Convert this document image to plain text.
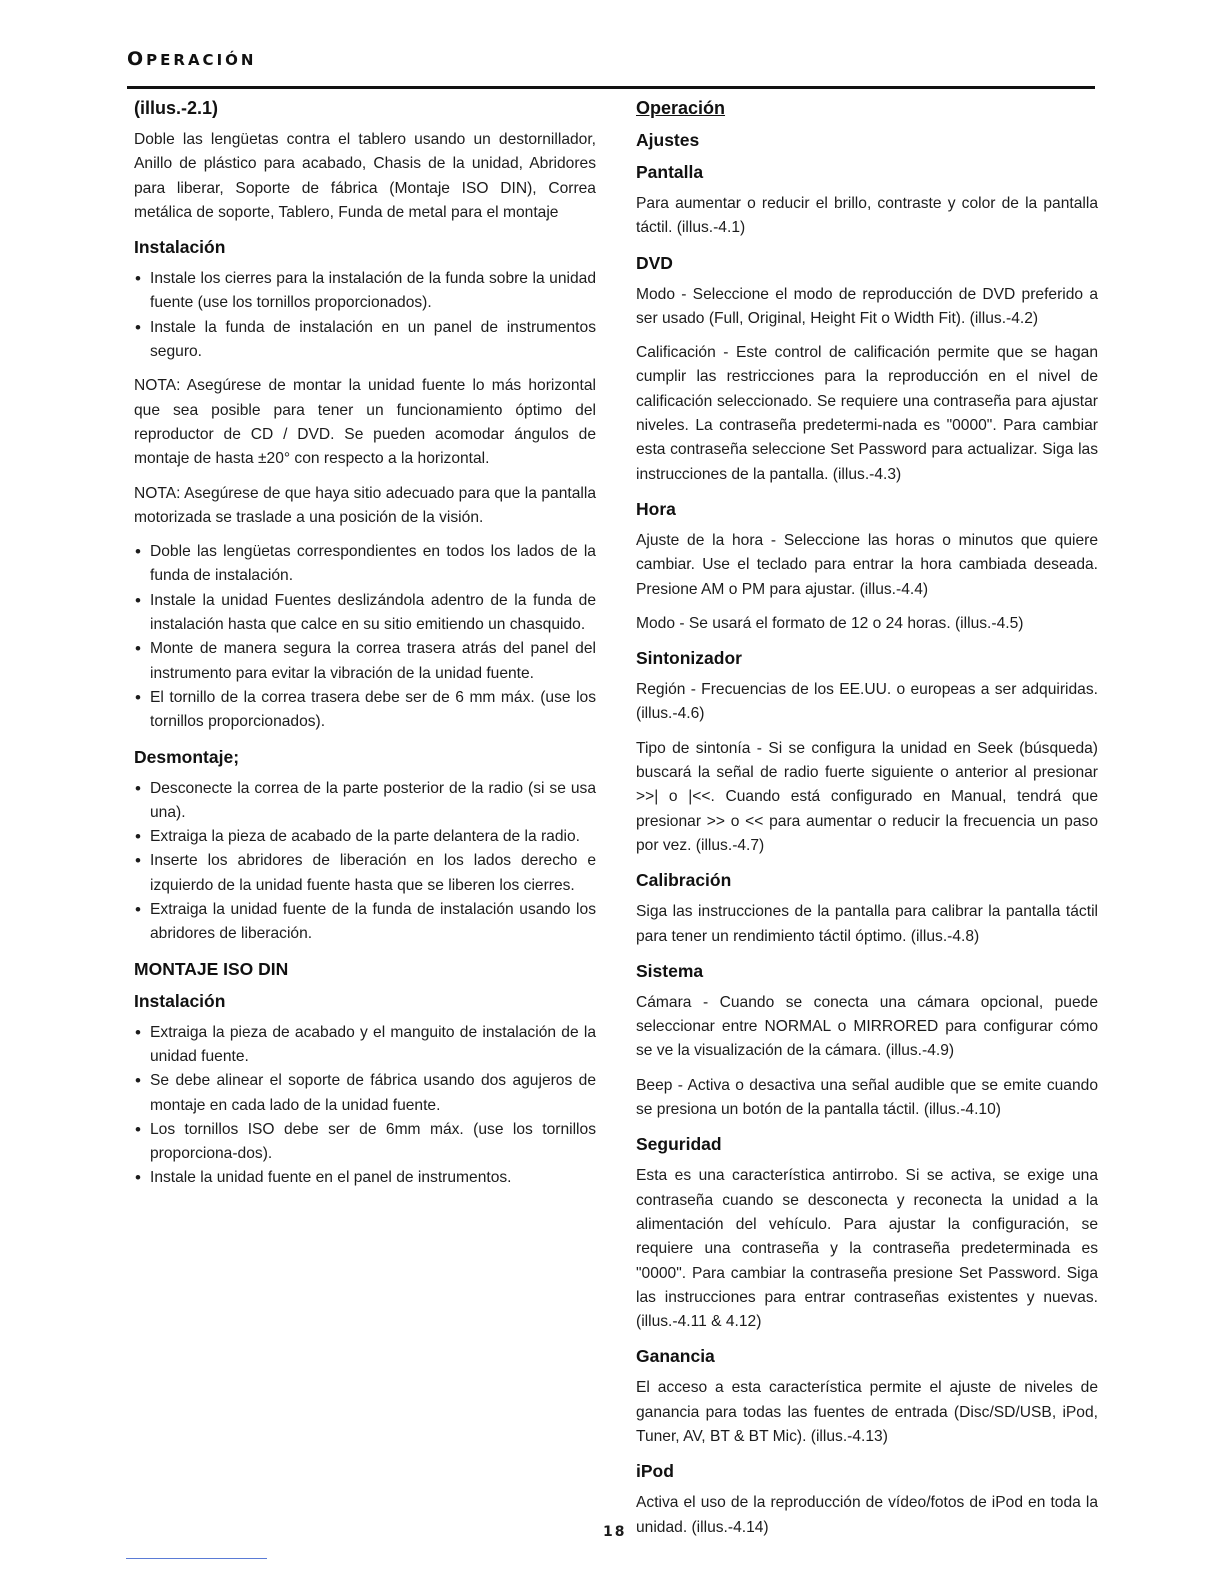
OPERACIÓN
(illus.-2.1)

Doble las lengüetas contra el tablero usando un destornillador, Anillo de plástico para acabado, Chasis de la unidad, Abridores para liberar, Soporte de fábrica (Montaje ISO DIN), Correa metálica de soporte, Tablero, Funda de metal para el montaje

Instalación
• Instale los cierres para la instalación de la funda sobre la unidad fuente (use los tornillos proporcionados).
• Instale la funda de instalación en un panel de instrumentos seguro.

NOTA: Asegúrese de montar la unidad fuente lo más horizontal que sea posible para tener un funcionamiento óptimo del reproductor de CD / DVD. Se pueden acomodar ángulos de montaje de hasta ±20° con respecto a la horizontal.

NOTA: Asegúrese de que haya sitio adecuado para que la pantalla motorizada se traslade a una posición de la visión.

• Doble las lengüetas correspondientes en todos los lados de la funda de instalación.
• Instale la unidad Fuentes deslizándola adentro de la funda de instalación hasta que calce en su sitio emitiendo un chasquido.
• Monte de manera segura la correa trasera atrás del panel del instrumento para evitar la vibración de la unidad fuente.
• El tornillo de la correa trasera debe ser de 6 mm máx. (use los tornillos proporcionados).
Desmontaje;
• Desconecte la correa de la parte posterior de la radio (si se usa una).
• Extraiga la pieza de acabado de la parte delantera de la radio.
• Inserte los abridores de liberación en los lados derecho e izquierdo de la unidad fuente hasta que se liberen los cierres.
• Extraiga la unidad fuente de la funda de instalación usando los abridores de liberación.
MONTAJE ISO DIN
Instalación
• Extraiga la pieza de acabado y el manguito de instalación de la unidad fuente.
• Se debe alinear el soporte de fábrica usando dos agujeros de montaje en cada lado de la unidad fuente.
• Los tornillos ISO debe ser de 6mm máx. (use los tornillos proporciona-dos).
• Instale la unidad fuente en el panel de instrumentos.
Operación
Ajustes
Pantalla

Para aumentar o reducir el brillo, contraste y color de la pantalla táctil. (illus.-4.1)

DVD

Modo - Seleccione el modo de reproducción de DVD preferido a ser usado (Full, Original, Height Fit o Width Fit). (illus.-4.2)

Calificación - Este control de calificación permite que se hagan cumplir las restricciones para la reproducción en el nivel de calificación seleccionado. Se requiere una contraseña para ajustar niveles. La contraseña predetermi-nada es "0000". Para cambiar esta contraseña seleccione Set Password para actualizar. Siga las instrucciones de la pantalla. (illus.-4.3)

Hora

Ajuste de la hora - Seleccione las horas o minutos que quiere cambiar. Use el teclado para entrar la hora cambiada deseada. Presione AM o PM para ajustar. (illus.-4.4)

Modo - Se usará el formato de 12 o 24 horas. (illus.-4.5)

Sintonizador

Región - Frecuencias de los EE.UU. o europeas a ser adquiridas. (illus.-4.6)

Tipo de sintonía - Si se configura la unidad en Seek (búsqueda) buscará la señal de radio fuerte siguiente o anterior al presionar >>| o |<<. Cuando está configurado en Manual, tendrá que presionar >> o << para aumentar o reducir la frecuencia un paso por vez. (illus.-4.7)

Calibración

Siga las instrucciones de la pantalla para calibrar la pantalla táctil para tener un rendimiento táctil óptimo. (illus.-4.8)

Sistema

Cámara - Cuando se conecta una cámara opcional, puede seleccionar entre NORMAL o MIRRORED para configurar cómo se ve la visualización de la cámara. (illus.-4.9)

Beep - Activa o desactiva una señal audible que se emite cuando se presiona un botón de la pantalla táctil. (illus.-4.10)

Seguridad

Esta es una característica antirrobo. Si se activa, se exige una contraseña cuando se desconecta y reconecta la unidad a la alimentación del vehículo. Para ajustar la configuración, se requiere una contraseña y la contraseña predeterminada es "0000". Para cambiar la contraseña presione Set Password. Siga las instrucciones para entrar contraseñas existentes y nuevas. (illus.-4.11 & 4.12)

Ganancia

El acceso a esta característica permite el ajuste de niveles de ganancia para todas las fuentes de entrada (Disc/SD/USB, iPod, Tuner, AV, BT & BT Mic). (illus.-4.13)

iPod

Activa el uso de la reproducción de vídeo/fotos de iPod en toda la unidad. (illus.-4.14)

18
